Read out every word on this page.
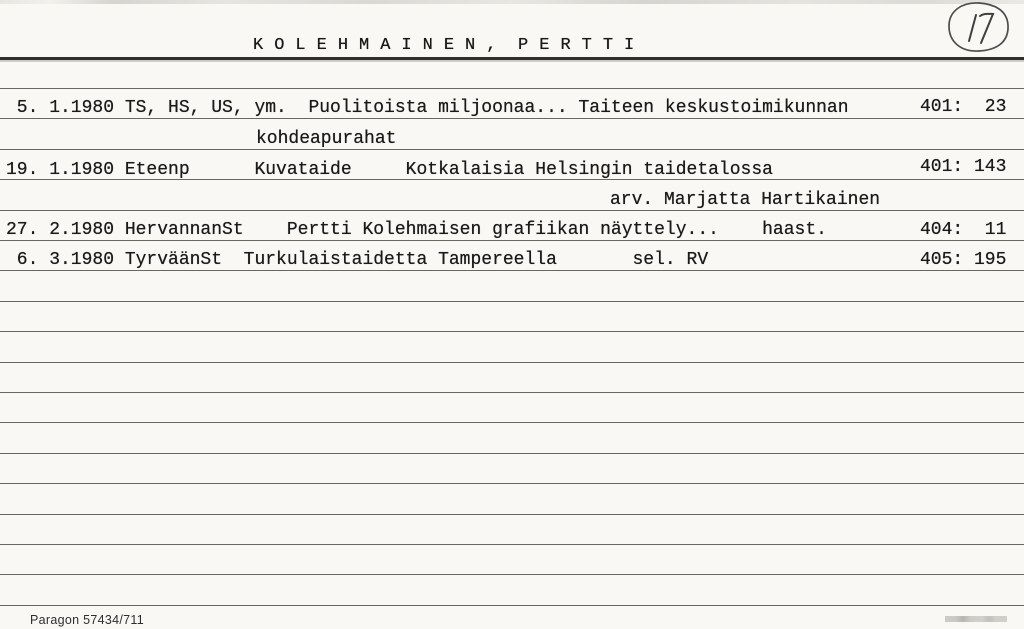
K O L E H M A I N E N ,  P E R T T I
5. 1.1980 TS, HS, US, ym.  Puolitoista miljoonaa... Taiteen keskustoimikunnan	401:  23
kohdeapurahat
19. 1.1980 Eteenp      Kuvataide     Kotkalaisia Helsingin taidetalossa	401: 143
arv. Marjatta Hartikainen
27. 2.1980 HervannanSt    Pertti Kolehmaisen grafiikan näyttely...    haast.	404:  11
6. 3.1980 TyrväänSt  Turkulaistaidetta Tampereella       sel. RV	405: 195
Paragon 57434/711
